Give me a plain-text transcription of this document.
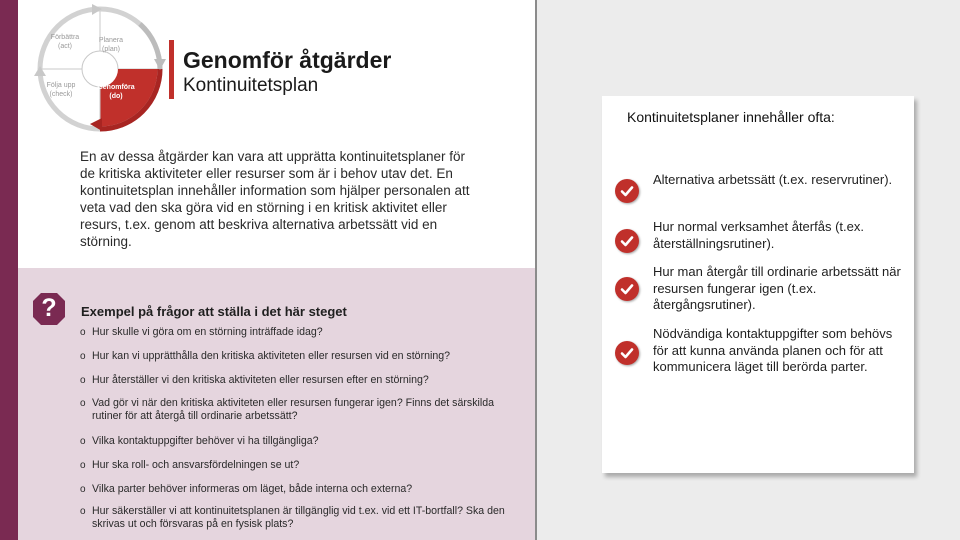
Förbättra
(act)
Planera
(plan)
Följa upp
(check)
Genomföra
(do)
Genomför åtgärder
Kontinuitetsplan
En av dessa åtgärder kan vara att upprätta kontinuitetsplaner för de kritiska aktiviteter eller resurser som är i behov utav det. En kontinuitetsplan innehåller information som hjälper personalen att veta vad den ska göra vid en störning i en kritisk aktivitet eller resurs, t.ex. genom att beskriva alternativa arbetssätt vid en störning.
?	Exempel på frågor att ställa i det här steget
o Hur skulle vi göra om en störning inträffade idag?
o Hur kan vi upprätthålla den kritiska aktiviteten eller resursen vid en störning?
o Hur återställer vi den kritiska aktiviteten eller resursen efter en störning?
o Vad gör vi när den kritiska aktiviteten eller resursen fungerar igen? Finns det särskilda rutiner för att återgå till ordinarie arbetssätt?
o Vilka kontaktuppgifter behöver vi ha tillgängliga?
o Hur ska roll- och ansvarsfördelningen se ut?
o Vilka parter behöver informeras om läget, både interna och externa?
o Hur säkerställer vi att kontinuitetsplanen är tillgänglig vid t.ex. vid ett IT-bortfall? Ska den skrivas ut och försvaras på en fysisk plats?
Kontinuitetsplaner innehåller ofta:
Alternativa arbetssätt (t.ex. reservrutiner).
Hur normal verksamhet återfås (t.ex. återställningsrutiner).
Hur man återgår till ordinarie arbetssätt när resursen fungerar igen (t.ex. återgångsrutiner).
Nödvändiga kontaktuppgifter som behövs för att kunna använda planen och för att kommunicera läget till berörda parter.
